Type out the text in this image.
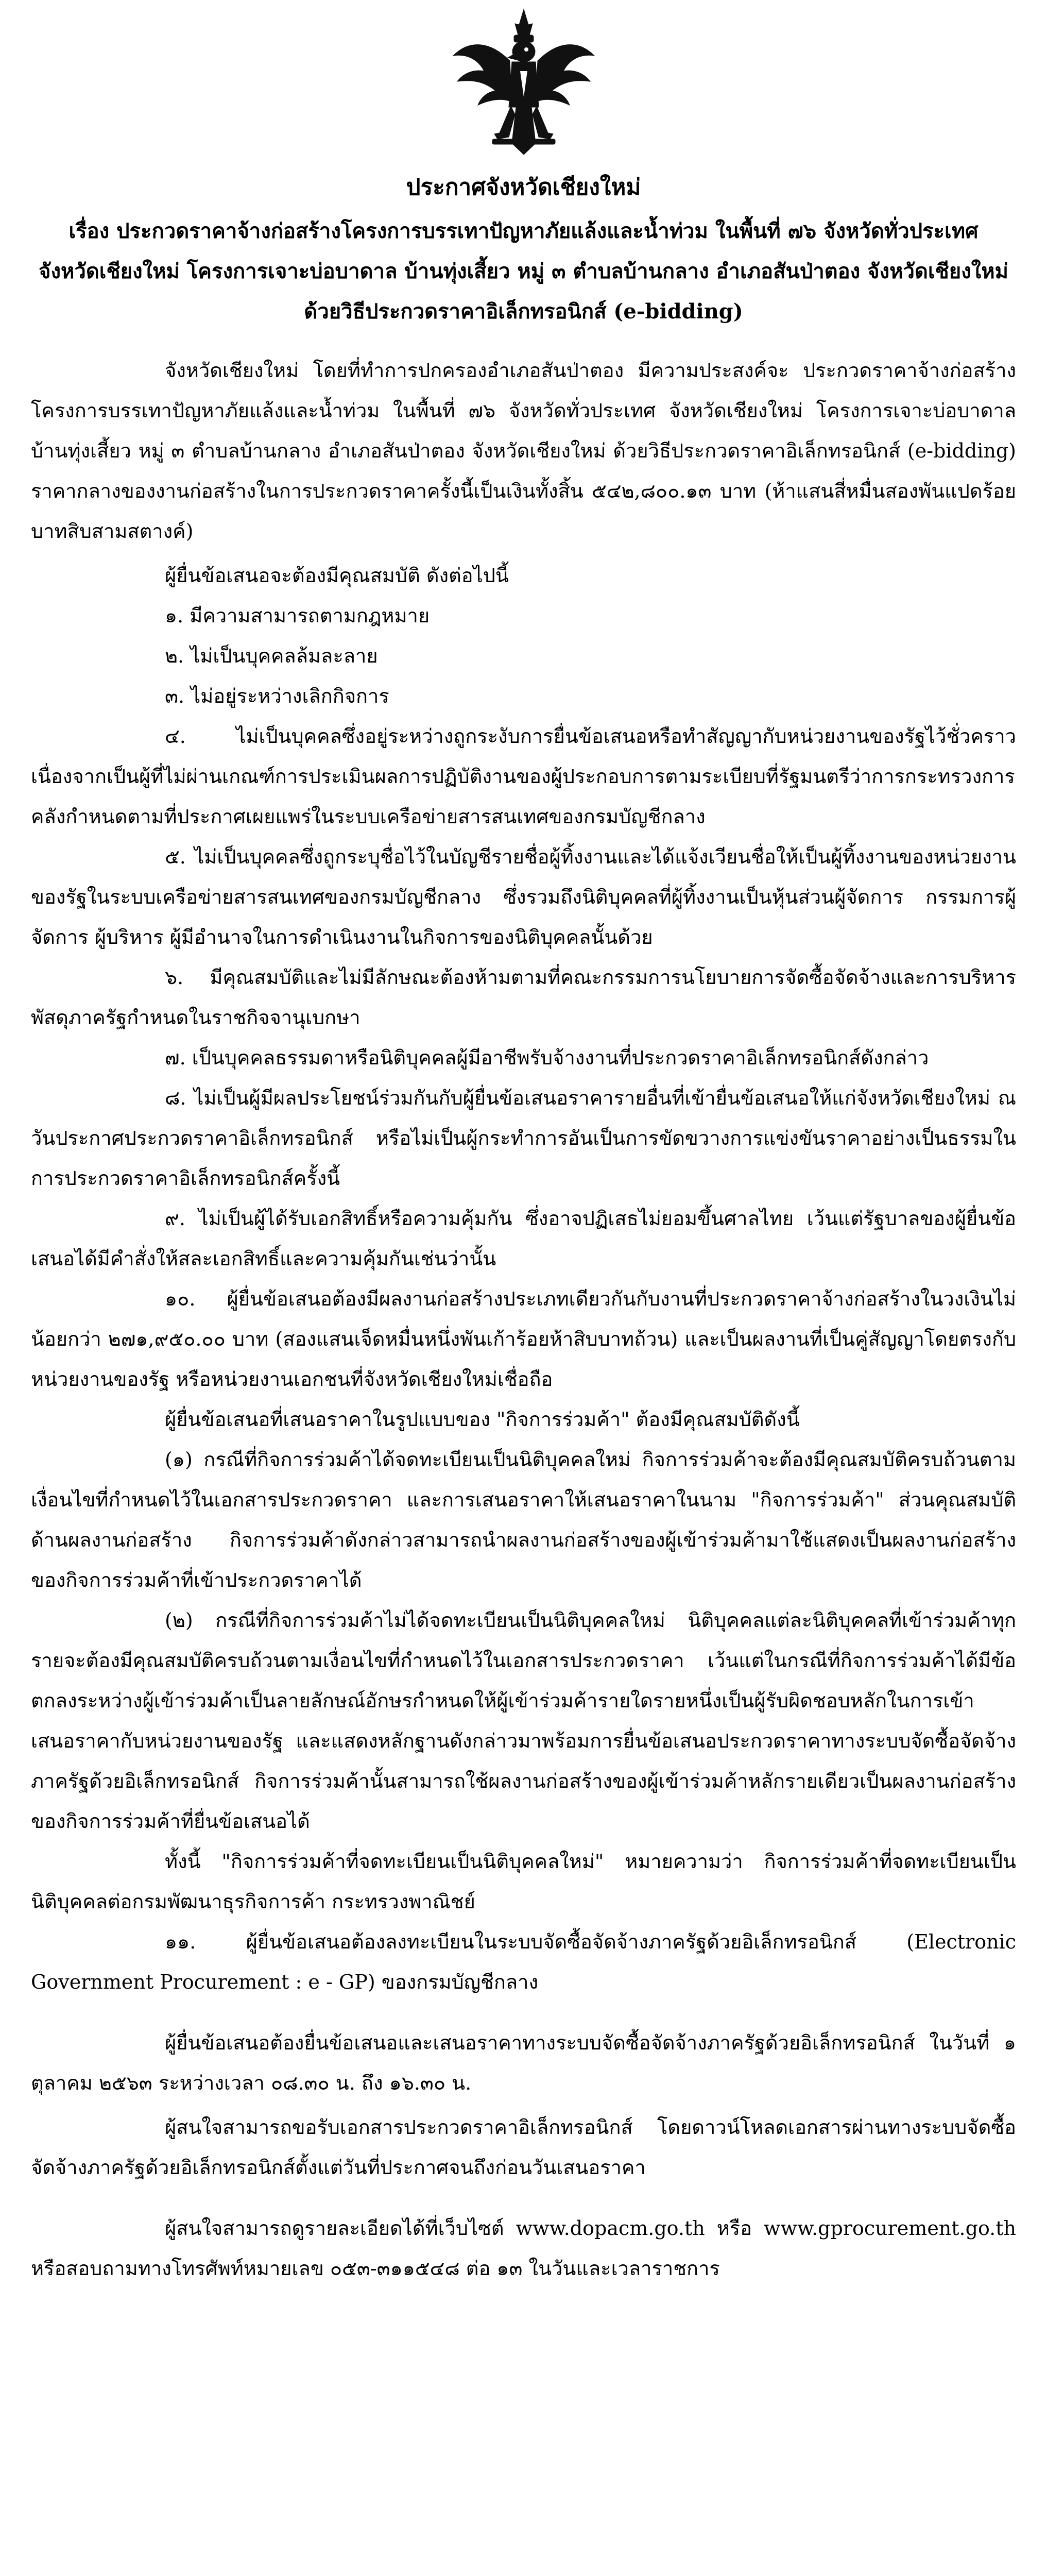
ประกาศจังหวัดเชียงใหม่
เรื่อง ประกวดราคาจ้างก่อสร้างโครงการบรรเทาปัญหาภัยแล้งและน้ำท่วม ในพื้นที่ ๗๖ จังหวัดทั่วประเทศ
จังหวัดเชียงใหม่ โครงการเจาะบ่อบาดาล บ้านทุ่งเสี้ยว หมู่ ๓ ตำบลบ้านกลาง อำเภอสันป่าตอง จังหวัดเชียงใหม่
ด้วยวิธีประกวดราคาอิเล็กทรอนิกส์ (e-bidding)

จังหวัดเชียงใหม่ โดยที่ทำการปกครองอำเภอสันป่าตอง มีความประสงค์จะ ประกวดราคาจ้างก่อสร้าง โครงการบรรเทาปัญหาภัยแล้งและน้ำท่วม ในพื้นที่ ๗๖ จังหวัดทั่วประเทศ จังหวัดเชียงใหม่ โครงการเจาะบ่อบาดาล บ้านทุ่งเสี้ยว หมู่ ๓ ตำบลบ้านกลาง อำเภอสันป่าตอง จังหวัดเชียงใหม่ ด้วยวิธีประกวดราคาอิเล็กทรอนิกส์ (e-bidding) ราคากลางของงานก่อสร้างในการประกวดราคาครั้งนี้เป็นเงินทั้งสิ้น ๕๔๒,๘๐๐.๑๓ บาท (ห้าแสนสี่หมื่นสองพันแปดร้อยบาทสิบสามสตางค์)

ผู้ยื่นข้อเสนอจะต้องมีคุณสมบัติ ดังต่อไปนี้

๑. มีความสามารถตามกฎหมาย

๒. ไม่เป็นบุคคลล้มละลาย

๓. ไม่อยู่ระหว่างเลิกกิจการ

๔. ไม่เป็นบุคคลซึ่งอยู่ระหว่างถูกระงับการยื่นข้อเสนอหรือทำสัญญากับหน่วยงานของรัฐไว้ชั่วคราว เนื่องจากเป็นผู้ที่ไม่ผ่านเกณฑ์การประเมินผลการปฏิบัติงานของผู้ประกอบการตามระเบียบที่รัฐมนตรีว่าการกระทรวงการคลังกำหนดตามที่ประกาศเผยแพร่ในระบบเครือข่ายสารสนเทศของกรมบัญชีกลาง

๕. ไม่เป็นบุคคลซึ่งถูกระบุชื่อไว้ในบัญชีรายชื่อผู้ทิ้งงานและได้แจ้งเวียนชื่อให้เป็นผู้ทิ้งงานของหน่วยงานของรัฐในระบบเครือข่ายสารสนเทศของกรมบัญชีกลาง ซึ่งรวมถึงนิติบุคคลที่ผู้ทิ้งงานเป็นหุ้นส่วนผู้จัดการ กรรมการผู้จัดการ ผู้บริหาร ผู้มีอำนาจในการดำเนินงานในกิจการของนิติบุคคลนั้นด้วย

๖. มีคุณสมบัติและไม่มีลักษณะต้องห้ามตามที่คณะกรรมการนโยบายการจัดซื้อจัดจ้างและการบริหารพัสดุภาครัฐกำหนดในราชกิจจานุเบกษา

๗. เป็นบุคคลธรรมดาหรือนิติบุคคลผู้มีอาชีพรับจ้างงานที่ประกวดราคาอิเล็กทรอนิกส์ดังกล่าว

๘. ไม่เป็นผู้มีผลประโยชน์ร่วมกันกับผู้ยื่นข้อเสนอราคารายอื่นที่เข้ายื่นข้อเสนอให้แก่จังหวัดเชียงใหม่ ณ วันประกาศประกวดราคาอิเล็กทรอนิกส์ หรือไม่เป็นผู้กระทำการอันเป็นการขัดขวางการแข่งขันราคาอย่างเป็นธรรมในการประกวดราคาอิเล็กทรอนิกส์ครั้งนี้

๙. ไม่เป็นผู้ได้รับเอกสิทธิ์หรือความคุ้มกัน ซึ่งอาจปฏิเสธไม่ยอมขึ้นศาลไทย เว้นแต่รัฐบาลของผู้ยื่นข้อเสนอได้มีคำสั่งให้สละเอกสิทธิ์และความคุ้มกันเช่นว่านั้น

๑๐. ผู้ยื่นข้อเสนอต้องมีผลงานก่อสร้างประเภทเดียวกันกับงานที่ประกวดราคาจ้างก่อสร้างในวงเงินไม่น้อยกว่า ๒๗๑,๙๕๐.๐๐ บาท (สองแสนเจ็ดหมื่นหนึ่งพันเก้าร้อยห้าสิบบาทถ้วน) และเป็นผลงานที่เป็นคู่สัญญาโดยตรงกับหน่วยงานของรัฐ หรือหน่วยงานเอกชนที่จังหวัดเชียงใหม่เชื่อถือ

ผู้ยื่นข้อเสนอที่เสนอราคาในรูปแบบของ "กิจการร่วมค้า" ต้องมีคุณสมบัติดังนี้

(๑) กรณีที่กิจการร่วมค้าได้จดทะเบียนเป็นนิติบุคคลใหม่ กิจการร่วมค้าจะต้องมีคุณสมบัติครบถ้วนตามเงื่อนไขที่กำหนดไว้ในเอกสารประกวดราคา และการเสนอราคาให้เสนอราคาในนาม "กิจการร่วมค้า" ส่วนคุณสมบัติด้านผลงานก่อสร้าง กิจการร่วมค้าดังกล่าวสามารถนำผลงานก่อสร้างของผู้เข้าร่วมค้ามาใช้แสดงเป็นผลงานก่อสร้างของกิจการร่วมค้าที่เข้าประกวดราคาได้

(๒) กรณีที่กิจการร่วมค้าไม่ได้จดทะเบียนเป็นนิติบุคคลใหม่ นิติบุคคลแต่ละนิติบุคคลที่เข้าร่วมค้าทุกรายจะต้องมีคุณสมบัติครบถ้วนตามเงื่อนไขที่กำหนดไว้ในเอกสารประกวดราคา เว้นแต่ในกรณีที่กิจการร่วมค้าได้มีข้อตกลงระหว่างผู้เข้าร่วมค้าเป็นลายลักษณ์อักษรกำหนดให้ผู้เข้าร่วมค้ารายใดรายหนึ่งเป็นผู้รับผิดชอบหลักในการเข้าเสนอราคากับหน่วยงานของรัฐ และแสดงหลักฐานดังกล่าวมาพร้อมการยื่นข้อเสนอประกวดราคาทางระบบจัดซื้อจัดจ้างภาครัฐด้วยอิเล็กทรอนิกส์ กิจการร่วมค้านั้นสามารถใช้ผลงานก่อสร้างของผู้เข้าร่วมค้าหลักรายเดียวเป็นผลงานก่อสร้างของกิจการร่วมค้าที่ยื่นข้อเสนอได้

ทั้งนี้ "กิจการร่วมค้าที่จดทะเบียนเป็นนิติบุคคลใหม่" หมายความว่า กิจการร่วมค้าที่จดทะเบียนเป็นนิติบุคคลต่อกรมพัฒนาธุรกิจการค้า กระทรวงพาณิชย์

๑๑. ผู้ยื่นข้อเสนอต้องลงทะเบียนในระบบจัดซื้อจัดจ้างภาครัฐด้วยอิเล็กทรอนิกส์ (Electronic Government Procurement : e - GP) ของกรมบัญชีกลาง

ผู้ยื่นข้อเสนอต้องยื่นข้อเสนอและเสนอราคาทางระบบจัดซื้อจัดจ้างภาครัฐด้วยอิเล็กทรอนิกส์ ในวันที่ ๑ ตุลาคม ๒๕๖๓ ระหว่างเวลา ๐๘.๓๐ น. ถึง ๑๖.๓๐ น.

ผู้สนใจสามารถขอรับเอกสารประกวดราคาอิเล็กทรอนิกส์ โดยดาวน์โหลดเอกสารผ่านทางระบบจัดซื้อจัดจ้างภาครัฐด้วยอิเล็กทรอนิกส์ตั้งแต่วันที่ประกาศจนถึงก่อนวันเสนอราคา

ผู้สนใจสามารถดูรายละเอียดได้ที่เว็บไซต์ www.dopacm.go.th หรือ www.gprocurement.go.th หรือสอบถามทางโทรศัพท์หมายเลข ๐๕๓-๓๑๑๕๔๘ ต่อ ๑๓ ในวันและเวลาราชการ
